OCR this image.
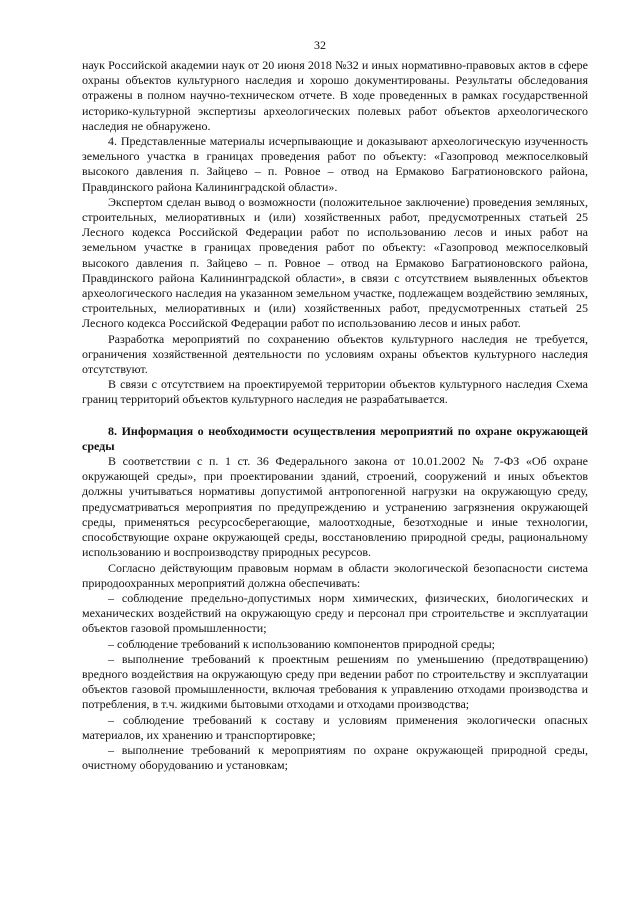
32

наук Российской академии наук от 20 июня 2018 №32 и иных нормативно-правовых актов в сфере охраны объектов культурного наследия и хорошо документированы. Результаты обследования отражены в полном научно-техническом отчете. В ходе проведенных в рамках государственной историко-культурной экспертизы археологических полевых работ объектов археологического наследия не обнаружено.

4. Представленные материалы исчерпывающие и доказывают археологическую изученность земельного участка в границах проведения работ по объекту: «Газопровод межпоселковый высокого давления п. Зайцево – п. Ровное – отвод на Ермаково Багратионовского района, Правдинского района Калининградской области».

Экспертом сделан вывод о возможности (положительное заключение) проведения земляных, строительных, мелиоративных и (или) хозяйственных работ, предусмотренных статьей 25 Лесного кодекса Российской Федерации работ по использованию лесов и иных работ на земельном участке в границах проведения работ по объекту: «Газопровод межпоселковый высокого давления п. Зайцево – п. Ровное – отвод на Ермаково Багратионовского района, Правдинского района Калининградской области», в связи с отсутствием выявленных объектов археологического наследия на указанном земельном участке, подлежащем воздействию земляных, строительных, мелиоративных и (или) хозяйственных работ, предусмотренных статьей 25 Лесного кодекса Российской Федерации работ по использованию лесов и иных работ.

Разработка мероприятий по сохранению объектов культурного наследия не требуется, ограничения хозяйственной деятельности по условиям охраны объектов культурного наследия отсутствуют.

В связи с отсутствием на проектируемой территории объектов культурного наследия Схема границ территорий объектов культурного наследия не разрабатывается.

8. Информация о необходимости осуществления мероприятий по охране окружающей среды

В соответствии с п. 1 ст. 36 Федерального закона от 10.01.2002 № 7-ФЗ «Об охране окружающей среды», при проектировании зданий, строений, сооружений и иных объектов должны учитываться нормативы допустимой антропогенной нагрузки на окружающую среду, предусматриваться мероприятия по предупреждению и устранению загрязнения окружающей среды, применяться ресурсосберегающие, малоотходные, безотходные и иные технологии, способствующие охране окружающей среды, восстановлению природной среды, рациональному использованию и воспроизводству природных ресурсов.

Согласно действующим правовым нормам в области экологической безопасности система природоохранных мероприятий должна обеспечивать:

– соблюдение предельно-допустимых норм химических, физических, биологических и механических воздействий на окружающую среду и персонал при строительстве и эксплуатации объектов газовой промышленности;

– соблюдение требований к использованию компонентов природной среды;

– выполнение требований к проектным решениям по уменьшению (предотвращению) вредного воздействия на окружающую среду при ведении работ по строительству и эксплуатации объектов газовой промышленности, включая требования к управлению отходами производства и потребления, в т.ч. жидкими бытовыми отходами и отходами производства;

– соблюдение требований к составу и условиям применения экологически опасных материалов, их хранению и транспортировке;

– выполнение требований к мероприятиям по охране окружающей природной среды, очистному оборудованию и установкам;
